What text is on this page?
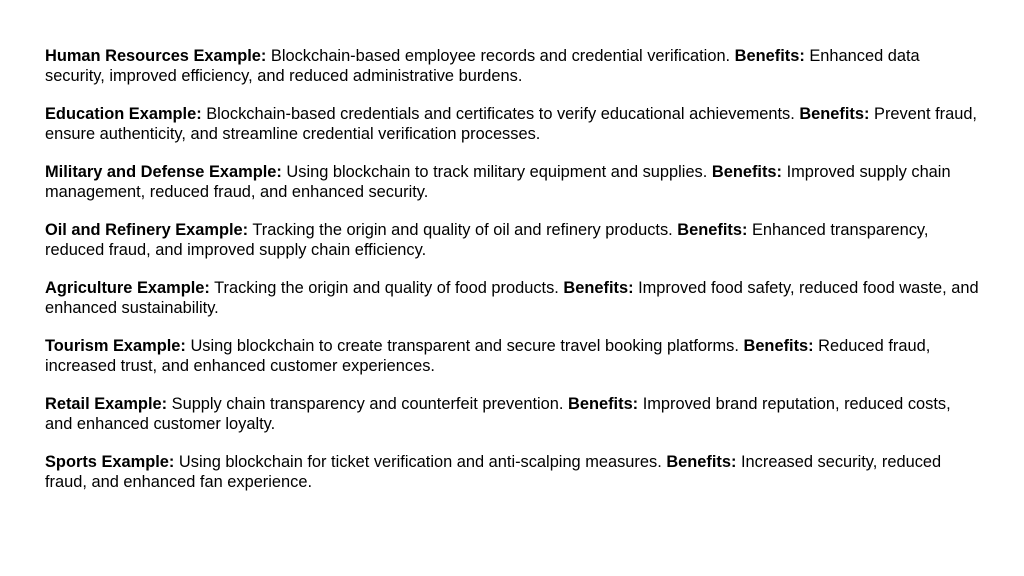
Human Resources Example: Blockchain-based employee records and credential verification. Benefits: Enhanced data security, improved efficiency, and reduced administrative burdens.

Education Example: Blockchain-based credentials and certificates to verify educational achievements. Benefits: Prevent fraud, ensure authenticity, and streamline credential verification processes.

Military and Defense Example: Using blockchain to track military equipment and supplies. Benefits: Improved supply chain management, reduced fraud, and enhanced security.

Oil and Refinery Example: Tracking the origin and quality of oil and refinery products. Benefits: Enhanced transparency, reduced fraud, and improved supply chain efficiency.

Agriculture Example: Tracking the origin and quality of food products. Benefits: Improved food safety, reduced food waste, and enhanced sustainability.

Tourism Example: Using blockchain to create transparent and secure travel booking platforms. Benefits: Reduced fraud, increased trust, and enhanced customer experiences.

Retail Example: Supply chain transparency and counterfeit prevention. Benefits: Improved brand reputation, reduced costs, and enhanced customer loyalty.

Sports Example: Using blockchain for ticket verification and anti-scalping measures. Benefits: Increased security, reduced fraud, and enhanced fan experience.
